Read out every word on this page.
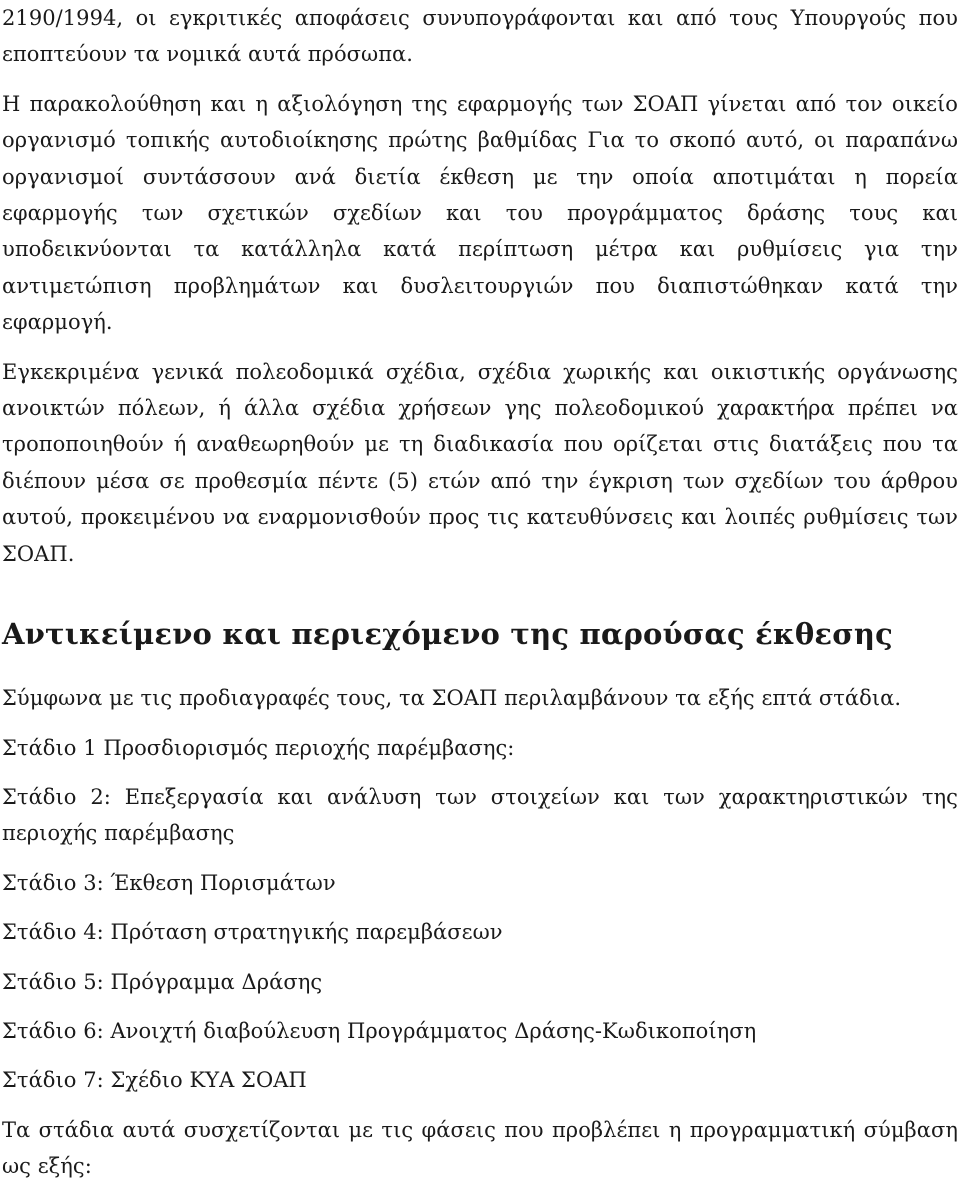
2190/1994, οι εγκριτικές αποφάσεις συνυπογράφονται και από τους Υπουργούς που εποπτεύουν τα νομικά αυτά πρόσωπα.

Η παρακολούθηση και η αξιολόγηση της εφαρμογής των ΣΟΑΠ γίνεται από τον οικείο οργανισμό τοπικής αυτοδιοίκησης πρώτης βαθμίδας Για το σκοπό αυτό, οι παραπάνω οργανισμοί συντάσσουν ανά διετία έκθεση με την οποία αποτιμάται η πορεία εφαρμογής των σχετικών σχεδίων και του προγράμματος δράσης τους και υποδεικνύονται τα κατάλληλα κατά περίπτωση μέτρα και ρυθμίσεις για την αντιμετώπιση προβλημάτων και δυσλειτουργιών που διαπιστώθηκαν κατά την εφαρμογή.

Εγκεκριμένα γενικά πολεοδομικά σχέδια, σχέδια χωρικής και οικιστικής οργάνωσης ανοικτών πόλεων, ή άλλα σχέδια χρήσεων γης πολεοδομικού χαρακτήρα πρέπει να τροποποιηθούν ή αναθεωρηθούν με τη διαδικασία που ορίζεται στις διατάξεις που τα διέπουν μέσα σε προθεσμία πέντε (5) ετών από την έγκριση των σχεδίων του άρθρου αυτού, προκειμένου να εναρμονισθούν προς τις κατευθύνσεις και λοιπές ρυθμίσεις των ΣΟΑΠ.

Αντικείμενο και περιεχόμενο της παρούσας έκθεσης

Σύμφωνα με τις προδιαγραφές τους, τα ΣΟΑΠ περιλαμβάνουν τα εξής επτά στάδια.

Στάδιο 1 Προσδιορισμός περιοχής παρέμβασης:
Στάδιο 2: Επεξεργασία και ανάλυση των στοιχείων και των χαρακτηριστικών της περιοχής παρέμβασης
Στάδιο 3: Έκθεση Πορισμάτων
Στάδιο 4: Πρόταση στρατηγικής παρεμβάσεων
Στάδιο 5: Πρόγραμμα Δράσης
Στάδιο 6: Ανοιχτή διαβούλευση Προγράμματος Δράσης-Κωδικοποίηση
Στάδιο 7: Σχέδιο ΚΥΑ ΣΟΑΠ

Τα στάδια αυτά συσχετίζονται με τις φάσεις που προβλέπει η προγραμματική σύμβαση ως εξής:
